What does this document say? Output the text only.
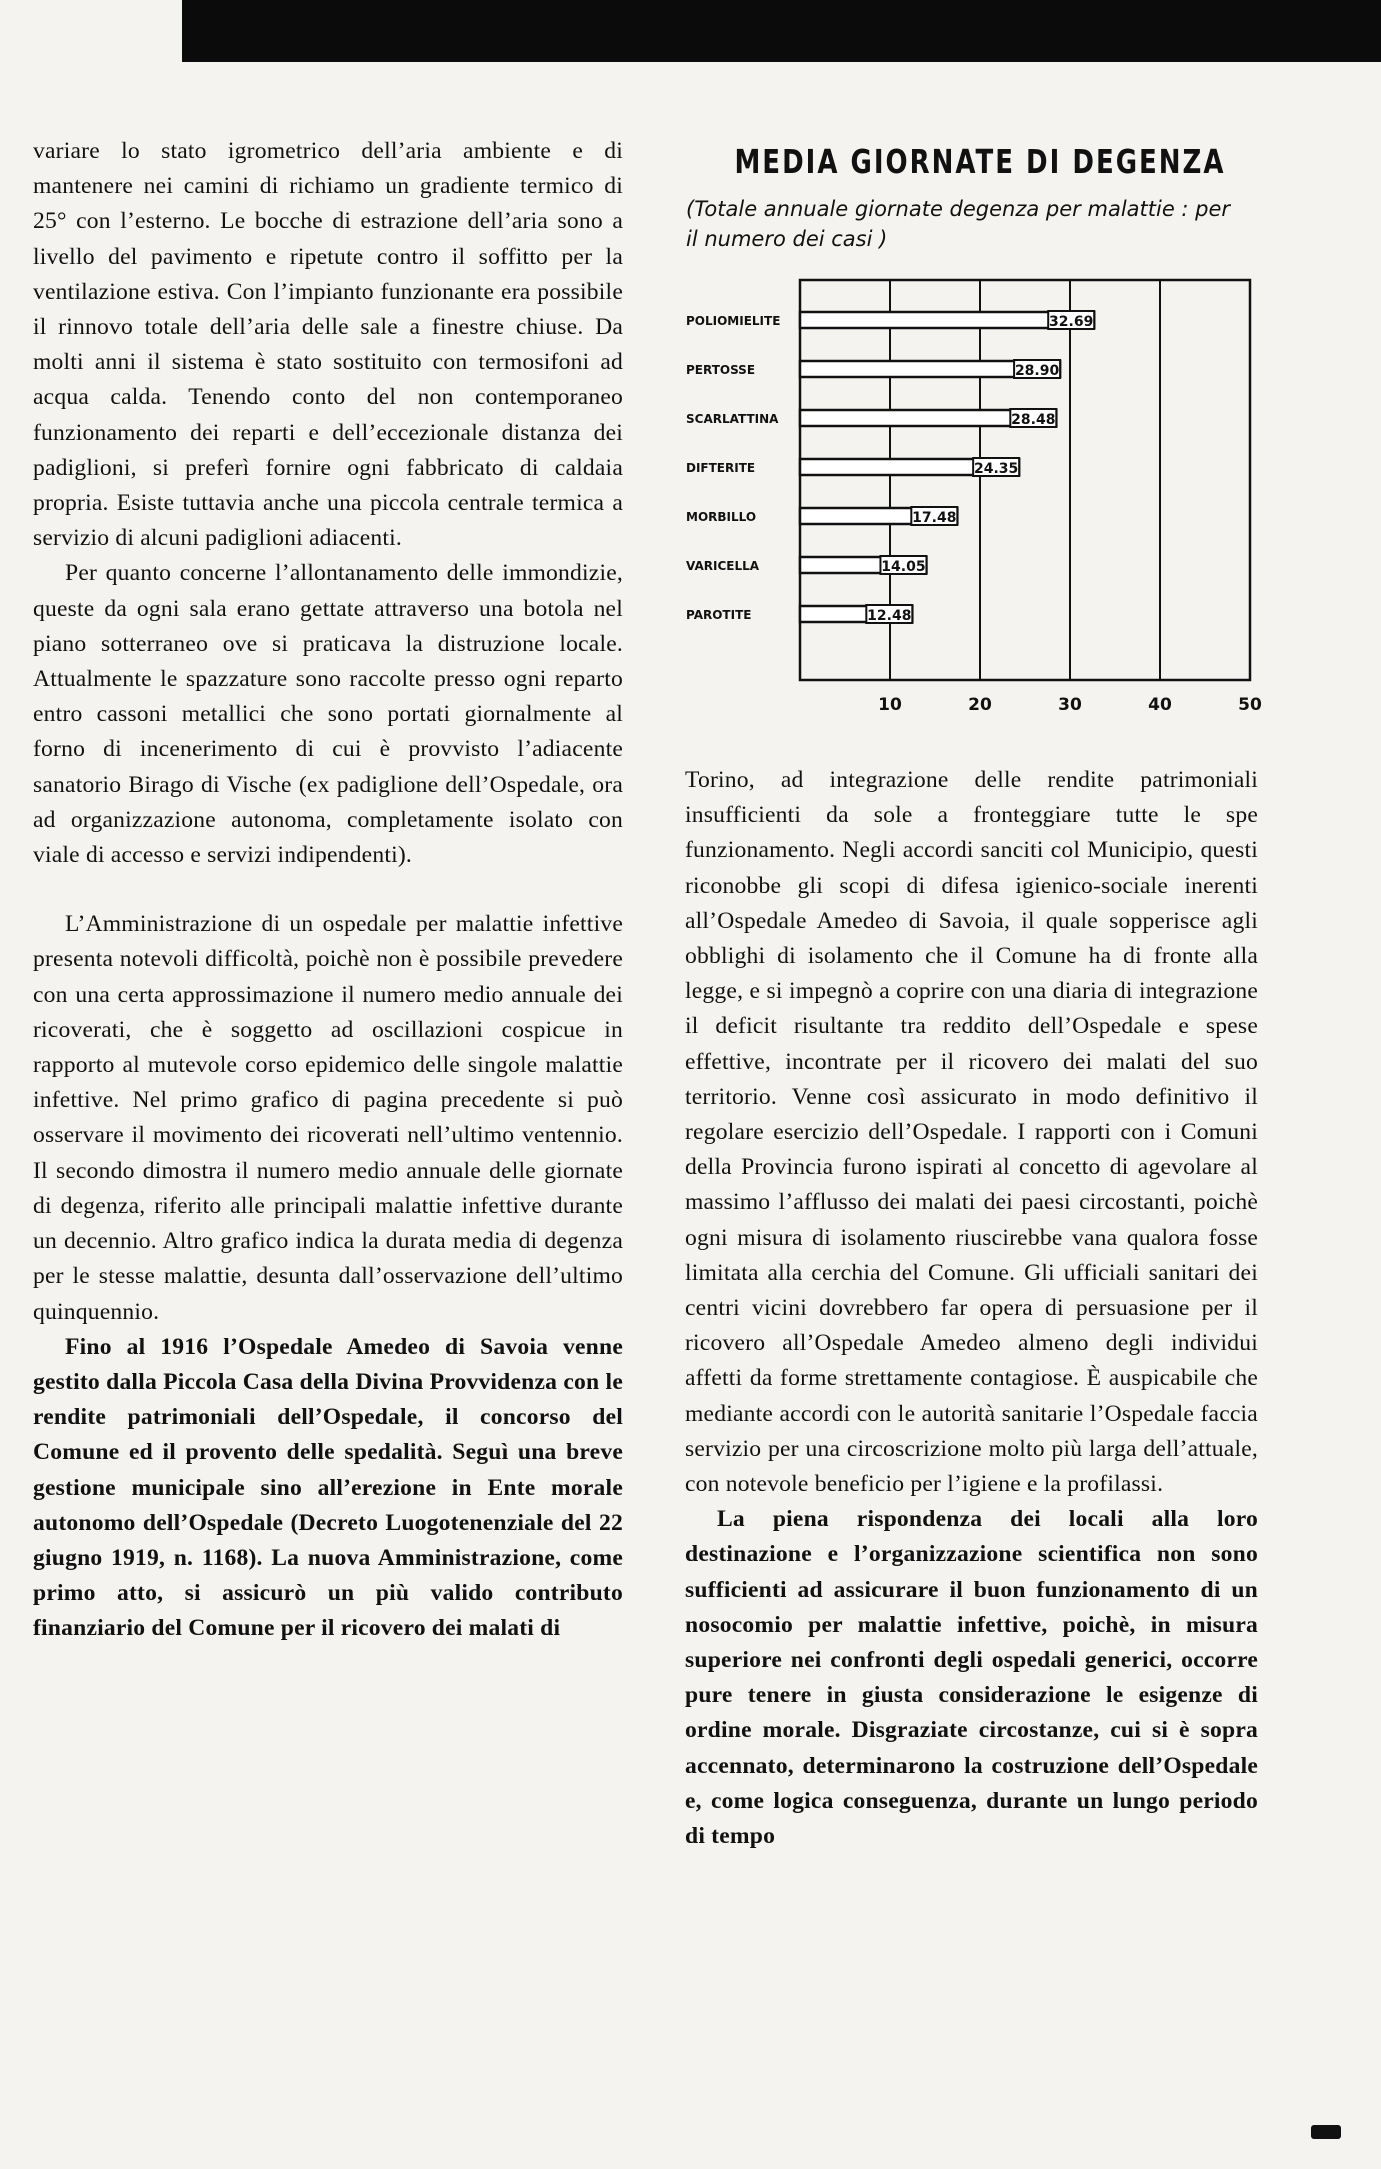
variare lo stato igrometrico dell’aria ambiente e di mantenere nei camini di richiamo un gradiente termico di 25° con l’esterno. Le bocche di estrazione dell’aria sono a livello del pavimento e ripetute contro il soffitto per la ventilazione estiva. Con l’impianto funzionante era possibile il rinnovo totale dell’aria delle sale a finestre chiuse. Da molti anni il sistema è stato sostituito con termosifoni ad acqua calda. Tenendo conto del non contemporaneo funzionamento dei reparti e dell’eccezionale distanza dei padiglioni, si preferì fornire ogni fabbricato di caldaia propria. Esiste tuttavia anche una piccola centrale termica a servizio di alcuni padiglioni adiacenti.

Per quanto concerne l’allontanamento delle immondizie, queste da ogni sala erano gettate attraverso una botola nel piano sotterraneo ove si praticava la distruzione locale. Attualmente le spazzature sono raccolte presso ogni reparto entro cassoni metallici che sono portati giornalmente al forno di incenerimento di cui è provvisto l’adiacente sanatorio Birago di Vische (ex padiglione dell’Ospedale, ora ad organizzazione autonoma, completamente isolato con viale di accesso e servizi indipendenti).

L’Amministrazione di un ospedale per malattie infettive presenta notevoli difficoltà, poichè non è possibile prevedere con una certa approssimazione il numero medio annuale dei ricoverati, che è soggetto ad oscillazioni cospicue in rapporto al mutevole corso epidemico delle singole malattie infettive. Nel primo grafico di pagina precedente si può osservare il movimento dei ricoverati nell’ultimo ventennio. Il secondo dimostra il numero medio annuale delle giornate di degenza, riferito alle principali malattie infettive durante un decennio. Altro grafico indica la durata media di degenza per le stesse malattie, desunta dall’osservazione dell’ultimo quinquennio.

Fino al 1916 l’Ospedale Amedeo di Savoia venne gestito dalla Piccola Casa della Divina Provvidenza con le rendite patrimoniali dell’Ospedale, il concorso del Comune ed il provento delle spedalità. Seguì una breve gestione municipale sino all’erezione in Ente morale autonomo dell’Ospedale (Decreto Luogotenenziale del 22 giugno 1919, n. 1168). La nuova Amministrazione, come primo atto, si assicurò un più valido contributo finanziario del Comune per il ricovero dei malati di

MEDIA GIORNATE DI DEGENZA
(Totale annuale giornate degenza per malattie : per il numero dei casi )
10	20	30	40	50
32.69
POLIOMIELITE
28.90
PERTOSSE
28.48
SCARLATTINA
24.35
DIFTERITE
17.48
MORBILLO
14.05
VARICELLA
12.48
PAROTITE

Torino, ad integrazione delle rendite patrimoniali insufficienti da sole a fronteggiare tutte le spe funzionamento. Negli accordi sanciti col Municipio, questi riconobbe gli scopi di difesa igienico-sociale inerenti all’Ospedale Amedeo di Savoia, il quale sopperisce agli obblighi di isolamento che il Comune ha di fronte alla legge, e si impegnò a coprire con una diaria di integrazione il deficit risultante tra reddito dell’Ospedale e spese effettive, incontrate per il ricovero dei malati del suo territorio. Venne così assicurato in modo definitivo il regolare esercizio dell’Ospedale. I rapporti con i Comuni della Provincia furono ispirati al concetto di agevolare al massimo l’afflusso dei malati dei paesi circostanti, poichè ogni misura di isolamento riuscirebbe vana qualora fosse limitata alla cerchia del Comune. Gli ufficiali sanitari dei centri vicini dovrebbero far opera di persuasione per il ricovero all’Ospedale Amedeo almeno degli individui affetti da forme strettamente contagiose. È auspicabile che mediante accordi con le autorità sanitarie l’Ospedale faccia servizio per una circoscrizione molto più larga dell’attuale, con notevole beneficio per l’igiene e la profilassi.

La piena rispondenza dei locali alla loro destinazione e l’organizzazione scientifica non sono sufficienti ad assicurare il buon funzionamento di un nosocomio per malattie infettive, poichè, in misura superiore nei confronti degli ospedali generici, occorre pure tenere in giusta considerazione le esigenze di ordine morale. Disgraziate circostanze, cui si è sopra accennato, determinarono la costruzione dell’Ospedale e, come logica conseguenza, durante un lungo periodo di tempo
